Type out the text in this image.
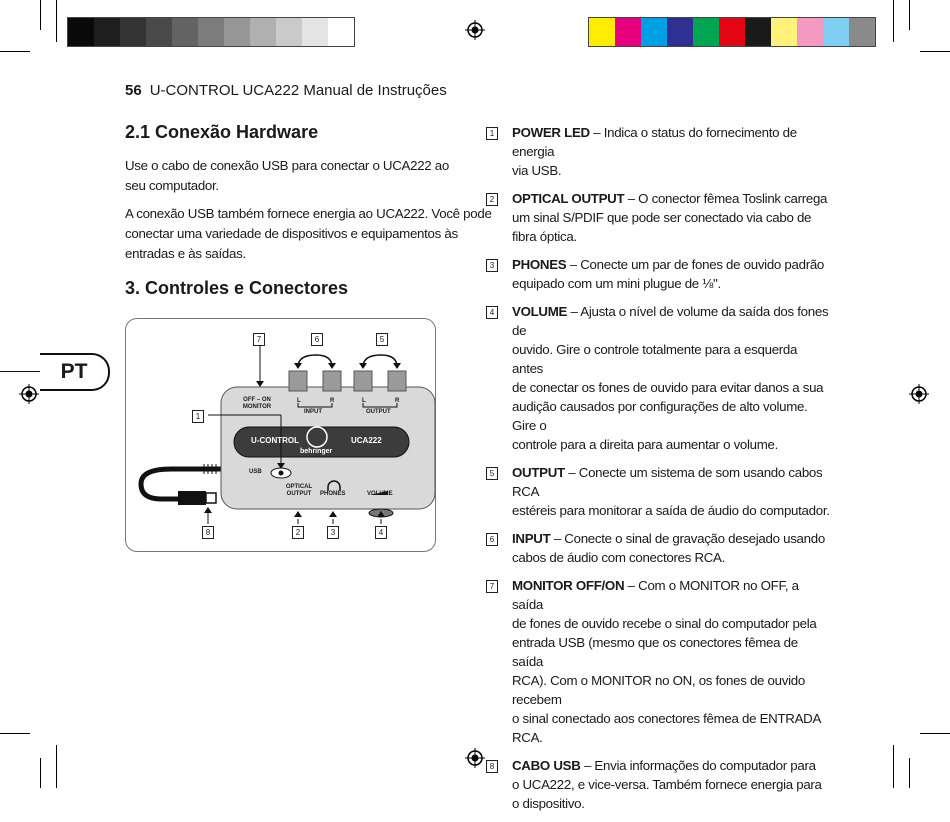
56 U-CONTROL UCA222 Manual de Instruções
2.1 Conexão Hardware
Use o cabo de conexão USB para conectar o UCA222 ao
seu computador.
A conexão USB também fornece energia ao UCA222. Você pode
conectar uma variedade de dispositivos e equipamentos às
entradas e às saídas.
3. Controles e Conectores
PT
OFF – ON
MONITOR
L	R	L	R
INPUT	OUTPUT
U-CONTROL	UCA222
behringer
USB
OPTICAL
OUTPUT	PHONES	VOLUME
7	6	5
1
8	2	3	4
1 POWER LED – Indica o status do fornecimento de energia
via USB.
2 OPTICAL OUTPUT – O conector fêmea Toslink carrega
um sinal S/PDIF que pode ser conectado via cabo de
fibra óptica.
3 PHONES – Conecte um par de fones de ouvido padrão
equipado com um mini plugue de ⅛".
4 VOLUME – Ajusta o nível de volume da saída dos fones de
ouvido. Gire o controle totalmente para a esquerda antes
de conectar os fones de ouvido para evitar danos a sua
audição causados por configurações de alto volume. Gire o
controle para a direita para aumentar o volume.
5 OUTPUT – Conecte um sistema de som usando cabos RCA
estéreis para monitorar a saída de áudio do computador.
6 INPUT – Conecte o sinal de gravação desejado usando
cabos de áudio com conectores RCA.
7 MONITOR OFF/ON – Com o MONITOR no OFF, a saída
de fones de ouvido recebe o sinal do computador pela
entrada USB (mesmo que os conectores fêmea de saída
RCA). Com o MONITOR no ON, os fones de ouvido recebem
o sinal conectado aos conectores fêmea de ENTRADA RCA.
8 CABO USB – Envia informações do computador para
o UCA222, e vice-versa. Também fornece energia para
o dispositivo.
